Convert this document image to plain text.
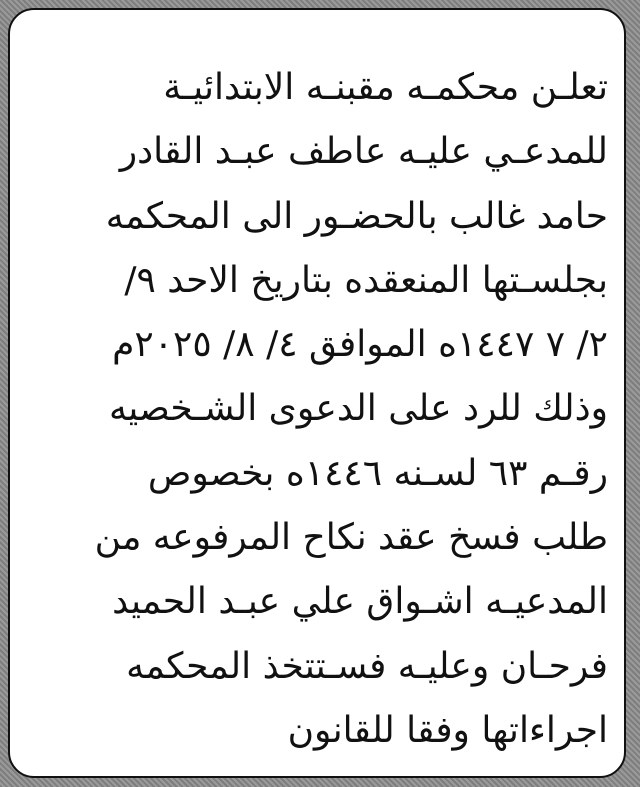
تعلـن محكمـه مقبنـه الابتدائيـة
للمدعـي عليـه عاطف عبـد القادر
حامد غالب بالحضـور الى المحكمه
بجلسـتها المنعقده بتاريخ الاحد ٩/
٢/ ٧ ١٤٤٧ه الموافق ٤/ ٨/ ٢٠٢٥م
وذلك للرد على الدعوى الشـخصيه
رقـم ٦٣ لسـنه ١٤٤٦ه بخصوص
طلب فسخ عقد نكاح المرفوعه من
المدعيـه اشـواق علي عبـد الحميد
فرحـان وعليـه فسـتتخذ المحكمه
اجراءاتها وفقا للقانون
